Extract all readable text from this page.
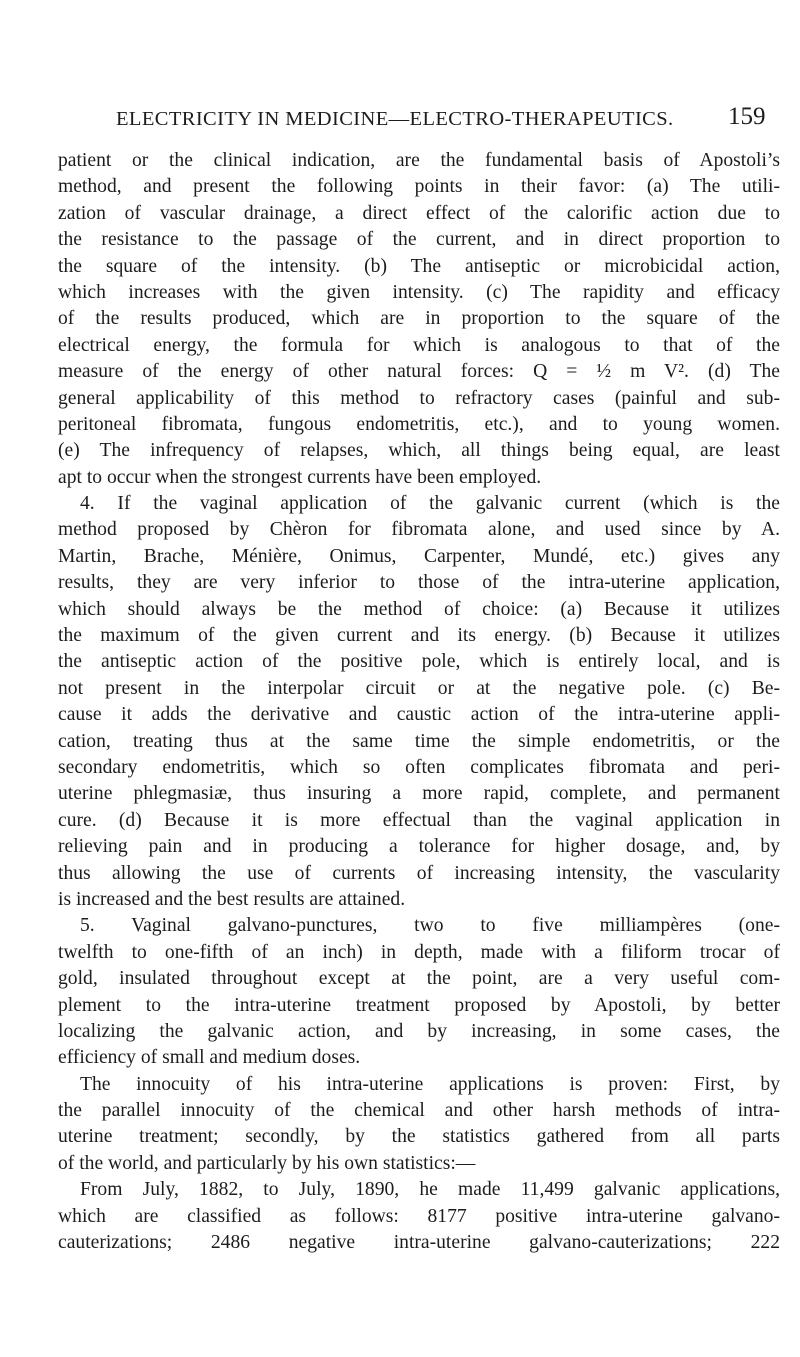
ELECTRICITY IN MEDICINE—ELECTRO-THERAPEUTICS. 159
patient or the clinical indication, are the fundamental basis of Apostoli’s
method, and present the following points in their favor: (a) The utili-
zation of vascular drainage, a direct effect of the calorific action due to
the resistance to the passage of the current, and in direct proportion to
the square of the intensity. (b) The antiseptic or microbicidal action,
which increases with the given intensity. (c) The rapidity and efficacy
of the results produced, which are in proportion to the square of the
electrical energy, the formula for which is analogous to that of the
measure of the energy of other natural forces: Q = ½ m V². (d) The
general applicability of this method to refractory cases (painful and sub-
peritoneal fibromata, fungous endometritis, etc.), and to young women.
(e) The infrequency of relapses, which, all things being equal, are least
apt to occur when the strongest currents have been employed.
4. If the vaginal application of the galvanic current (which is the
method proposed by Chèron for fibromata alone, and used since by A.
Martin, Brache, Ménière, Onimus, Carpenter, Mundé, etc.) gives any
results, they are very inferior to those of the intra-uterine application,
which should always be the method of choice: (a) Because it utilizes
the maximum of the given current and its energy. (b) Because it utilizes
the antiseptic action of the positive pole, which is entirely local, and is
not present in the interpolar circuit or at the negative pole. (c) Be-
cause it adds the derivative and caustic action of the intra-uterine appli-
cation, treating thus at the same time the simple endometritis, or the
secondary endometritis, which so often complicates fibromata and peri-
uterine phlegmasiæ, thus insuring a more rapid, complete, and permanent
cure. (d) Because it is more effectual than the vaginal application in
relieving pain and in producing a tolerance for higher dosage, and, by
thus allowing the use of currents of increasing intensity, the vascularity
is increased and the best results are attained.
5. Vaginal galvano-punctures, two to five milliampères (one-
twelfth to one-fifth of an inch) in depth, made with a filiform trocar of
gold, insulated throughout except at the point, are a very useful com-
plement to the intra-uterine treatment proposed by Apostoli, by better
localizing the galvanic action, and by increasing, in some cases, the
efficiency of small and medium doses.
The innocuity of his intra-uterine applications is proven: First, by
the parallel innocuity of the chemical and other harsh methods of intra-
uterine treatment; secondly, by the statistics gathered from all parts
of the world, and particularly by his own statistics:—
From July, 1882, to July, 1890, he made 11,499 galvanic applications,
which are classified as follows: 8177 positive intra-uterine galvano-
cauterizations; 2486 negative intra-uterine galvano-cauterizations; 222
